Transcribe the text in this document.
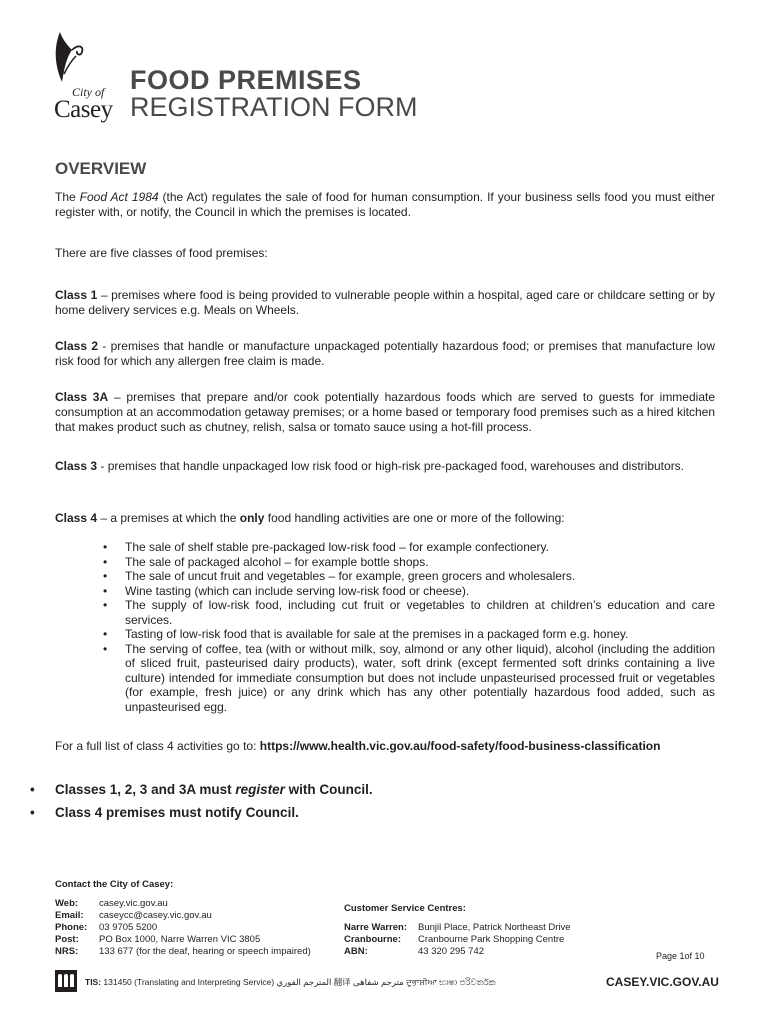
City of
Casey
FOOD PREMISES
REGISTRATION FORM
OVERVIEW

The Food Act 1984 (the Act) regulates the sale of food for human consumption. If your business sells food you must either register with, or notify, the Council in which the premises is located.

There are five classes of food premises:

Class 1 – premises where food is being provided to vulnerable people within a hospital, aged care or childcare setting or by home delivery services e.g. Meals on Wheels.

Class 2 - premises that handle or manufacture unpackaged potentially hazardous food; or premises that manufacture low risk food for which any allergen free claim is made.

Class 3A – premises that prepare and/or cook potentially hazardous foods which are served to guests for immediate consumption at an accommodation getaway premises; or a home based or temporary food premises such as a hired kitchen that makes product such as chutney, relish, salsa or tomato sauce using a hot-fill process.

Class 3 - premises that handle unpackaged low risk food or high-risk pre-packaged food, warehouses and distributors.

Class 4 – a premises at which the only food handling activities are one or more of the following:

• The sale of shelf stable pre-packaged low-risk food – for example confectionery.
• The sale of packaged alcohol – for example bottle shops.
• The sale of uncut fruit and vegetables – for example, green grocers and wholesalers.
• Wine tasting (which can include serving low-risk food or cheese).
• The supply of low-risk food, including cut fruit or vegetables to children at children’s education and care services.
• Tasting of low-risk food that is available for sale at the premises in a packaged form e.g. honey.
• The serving of coffee, tea (with or without milk, soy, almond or any other liquid), alcohol (including the addition of sliced fruit, pasteurised dairy products), water, soft drink (except fermented soft drinks containing a live culture) intended for immediate consumption but does not include unpasteurised processed fruit or vegetables (for example, fresh juice) or any drink which has any other potentially hazardous food added, such as unpasteurised egg.

For a full list of class 4 activities go to: https://www.health.vic.gov.au/food-safety/food-business-classification

• Classes 1, 2, 3 and 3A must register with Council.
• Class 4 premises must notify Council.
Contact the City of Casey:
Web:	casey.vic.gov.au
Email:	caseycc@casey.vic.gov.au
Phone:	03 9705 5200
Post:	PO Box 1000, Narre Warren VIC 3805
NRS:	133 677 (for the deaf, hearing or speech impaired)
Customer Service Centres:
Narre Warren:	Bunjil Place, Patrick Northeast Drive
Cranbourne:	Cranbourne Park Shopping Centre
ABN:	43 320 295 742	Page 1of 10
TIS: 131450 (Translating and Interpreting Service) المترجم الفوري 翻译 مترجم شفاهی ਦੁਭਾਸ਼ੀਆ භාෂා පරිවර්තක	CASEY.VIC.GOV.AU
